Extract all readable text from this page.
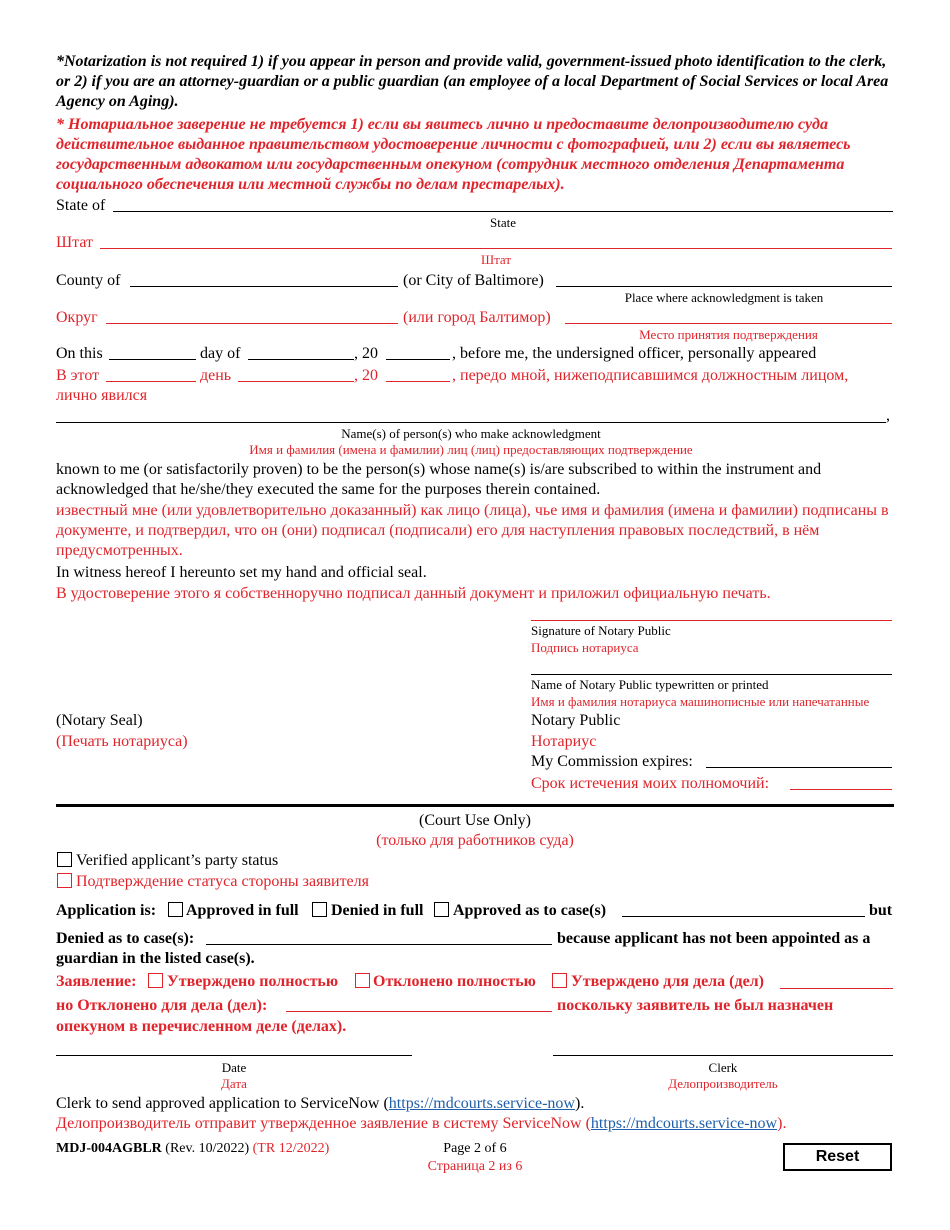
*Notarization is not required 1) if you appear in person and provide valid, government-issued photo identification to the clerk, or 2) if you are an attorney-guardian or a public guardian (an employee of a local Department of Social Services or local Area Agency on Aging).
* Нотариальное заверение не требуется 1) если вы явитесь лично и предоставите делопроизводителю суда действительное выданное правительством удостоверение личности с фотографией, или 2) если вы являетесь государственным адвокатом или государственным опекуном (сотрудник местного отделения Департамента социального обеспечения или местной службы по делам престарелых).
State of
State
Штат
Штат
County of	(or City of Baltimore)
Place where acknowledgment is taken
Округ	(или город Балтимор)
Место принятия подтверждения
On this	day of	, 20	, before me, the undersigned officer, personally appeared
В этот	день	, 20	, передо мной, нижеподписавшимся должностным лицом,
лично явился
,
Name(s) of person(s) who make acknowledgment
Имя и фамилия (имена и фамилии) лиц (лиц) предоставляющих подтверждение
known to me (or satisfactorily proven) to be the person(s) whose name(s) is/are subscribed to within the instrument and acknowledged that he/she/they executed the same for the purposes therein contained.
известный мне (или удовлетворительно доказанный) как лицо (лица), чье имя и фамилия (имена и фамилии) подписаны в документе, и подтвердил, что он (они) подписал (подписали) его для наступления правовых последствий, в нём предусмотренных.
In witness hereof I hereunto set my hand and official seal.
В удостоверение этого я собственноручно подписал данный документ и приложил официальную печать.
Signature of Notary Public
Подпись нотариуса
Name of Notary Public typewritten or printed
Имя и фамилия нотариуса машинописные или напечатанные
(Notary Seal)
(Печать нотариуса)
Notary Public
Нотариус
My Commission expires:
Срок истечения моих полномочий:
(Court Use Only)
(только для работников суда)
Verified applicant’s party status
Подтверждение статуса стороны заявителя
Application is: Approved in full Denied in full Approved as to case(s)	but
Denied as to case(s):	because applicant has not been appointed as a
guardian in the listed case(s).
Заявление: Утверждено полностью Отклонено полностью Утверждено для дела (дел)
но Отклонено для дела (дел):	поскольку заявитель не был назначен
опекуном в перечисленном деле (делах).
Date
Дата
Clerk
Делопроизводитель
Clerk to send approved application to ServiceNow (https://mdcourts.service-now).
Делопроизводитель отправит утвержденное заявление в систему ServiceNow (https://mdcourts.service-now).
MDJ-004AGBLR (Rev. 10/2022) (TR 12/2022)	Page 2 of 6
Страница 2 из 6
Reset
